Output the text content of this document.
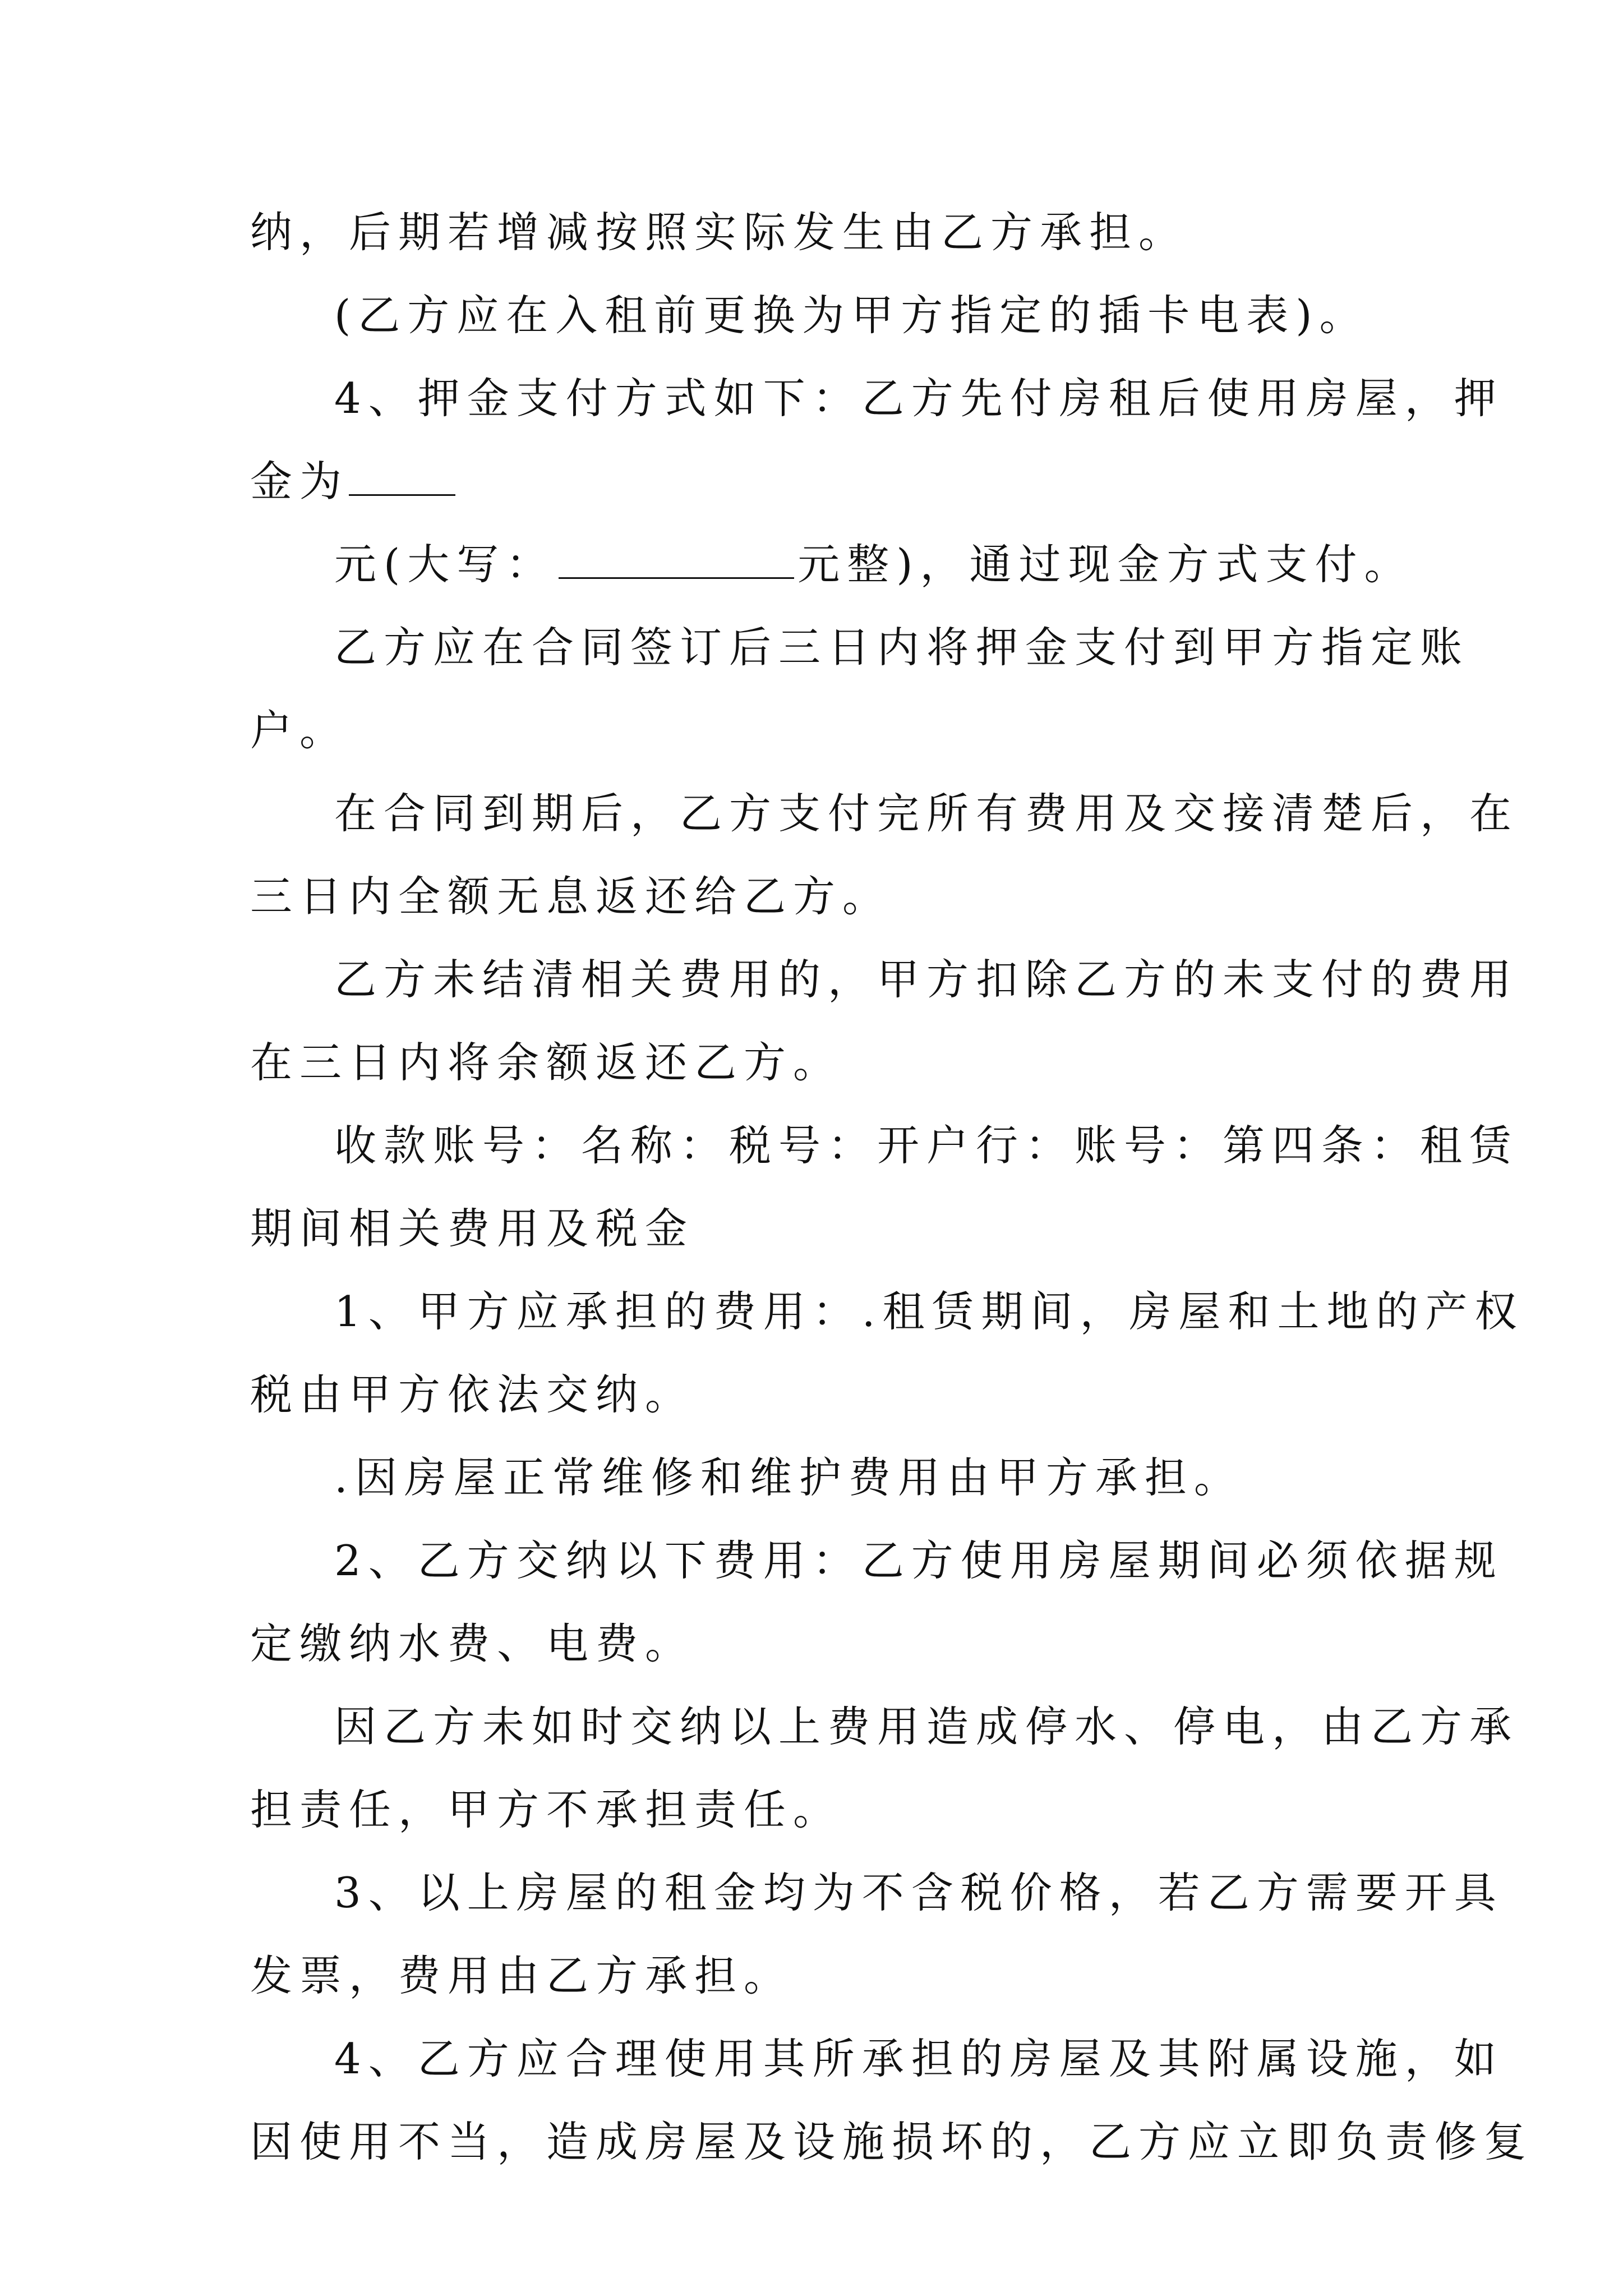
纳，后期若增减按照实际发生由乙方承担。
(乙方应在入租前更换为甲方指定的插卡电表)。
4、押金支付方式如下：乙方先付房租后使用房屋，押
金为
元(大写：	元整)，通过现金方式支付。
乙方应在合同签订后三日内将押金支付到甲方指定账
户。
在合同到期后，乙方支付完所有费用及交接清楚后，在
三日内全额无息返还给乙方。
乙方未结清相关费用的，甲方扣除乙方的未支付的费用
在三日内将余额返还乙方。
收款账号：名称：税号：开户行：账号：第四条：租赁
期间相关费用及税金
1、甲方应承担的费用：.租赁期间，房屋和土地的产权
税由甲方依法交纳。
.因房屋正常维修和维护费用由甲方承担。
2、乙方交纳以下费用：乙方使用房屋期间必须依据规
定缴纳水费、电费。
因乙方未如时交纳以上费用造成停水、停电，由乙方承
担责任，甲方不承担责任。
3、以上房屋的租金均为不含税价格，若乙方需要开具
发票，费用由乙方承担。
4、乙方应合理使用其所承担的房屋及其附属设施，如
因使用不当，造成房屋及设施损坏的，乙方应立即负责修复
